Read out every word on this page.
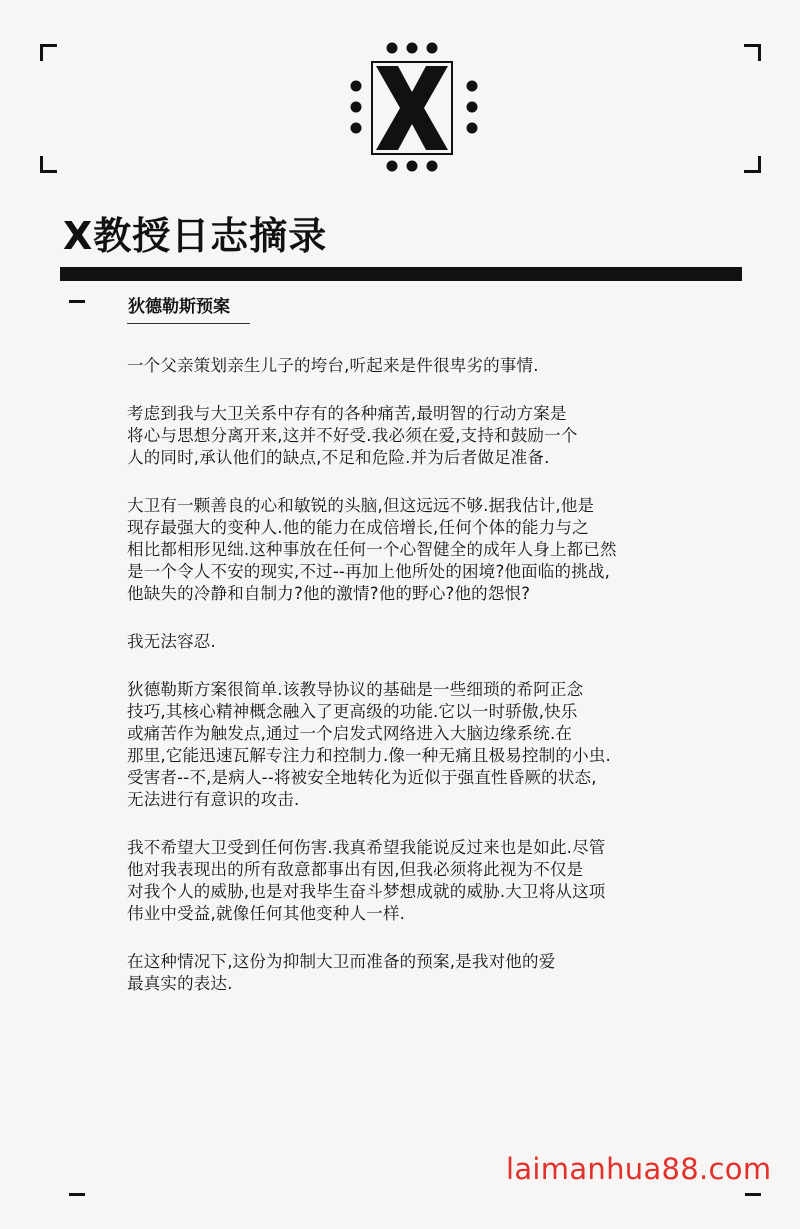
X教授日志摘录
狄德勒斯预案

一个父亲策划亲生儿子的垮台,听起来是件很卑劣的事情.

考虑到我与大卫关系中存有的各种痛苦,最明智的行动方案是
将心与思想分离开来,这并不好受.我必须在爱,支持和鼓励一个
人的同时,承认他们的缺点,不足和危险.并为后者做足准备.

大卫有一颗善良的心和敏锐的头脑,但这远远不够.据我估计,他是
现存最强大的变种人.他的能力在成倍增长,任何个体的能力与之
相比都相形见绌.这种事放在任何一个心智健全的成年人身上都已然
是一个令人不安的现实,不过--再加上他所处的困境?他面临的挑战,
他缺失的冷静和自制力?他的激情?他的野心?他的怨恨?

我无法容忍.

狄德勒斯方案很简单.该教导协议的基础是一些细琐的希阿正念
技巧,其核心精神概念融入了更高级的功能.它以一时骄傲,快乐
或痛苦作为触发点,通过一个启发式网络进入大脑边缘系统.在
那里,它能迅速瓦解专注力和控制力.像一种无痛且极易控制的小虫.
受害者--不,是病人--将被安全地转化为近似于强直性昏厥的状态,
无法进行有意识的攻击.

我不希望大卫受到任何伤害.我真希望我能说反过来也是如此.尽管
他对我表现出的所有敌意都事出有因,但我必须将此视为不仅是
对我个人的威胁,也是对我毕生奋斗梦想成就的威胁.大卫将从这项
伟业中受益,就像任何其他变种人一样.

在这种情况下,这份为抑制大卫而准备的预案,是我对他的爱
最真实的表达.

laimanhua88.com
